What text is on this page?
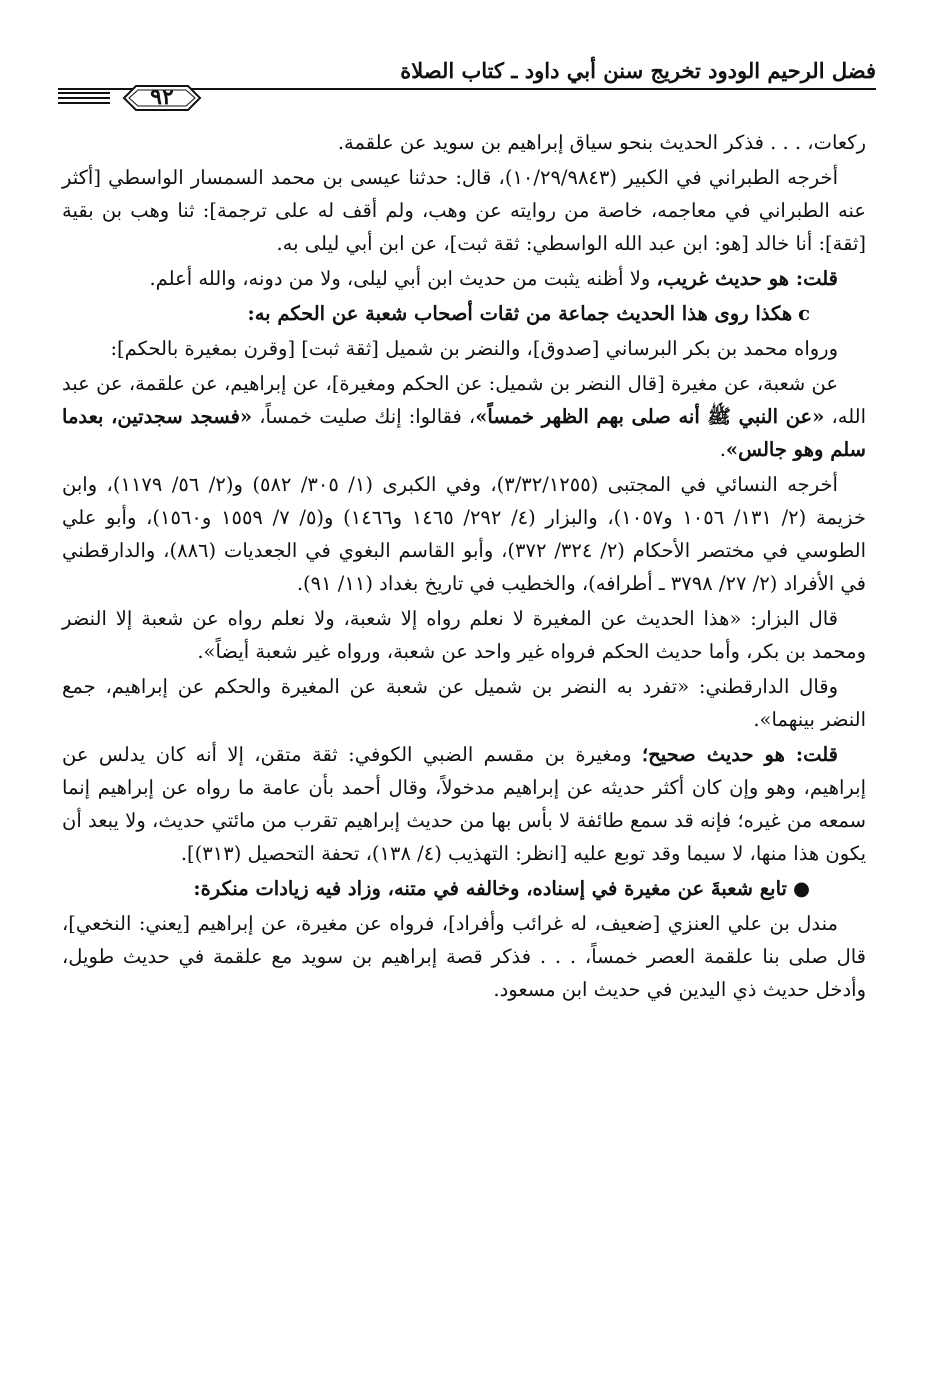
فضل الرحيم الودود تخريج سنن أبي داود ـ كتاب الصلاة
٩٢

ركعات، . . . فذكر الحديث بنحو سياق إبراهيم بن سويد عن علقمة.

أخرجه الطبراني في الكبير (١٠/٢٩/٩٨٤٣)، قال: حدثنا عيسى بن محمد السمسار الواسطي [أكثر عنه الطبراني في معاجمه، خاصة من روايته عن وهب، ولم أقف له على ترجمة]: ثنا وهب بن بقية [ثقة]: أنا خالد [هو: ابن عبد الله الواسطي: ثقة ثبت]، عن ابن أبي ليلى به.

قلت: هو حديث غريب، ولا أظنه يثبت من حديث ابن أبي ليلى، ولا من دونه، والله أعلم.

cهكذا روى هذا الحديث جماعة من ثقات أصحاب شعبة عن الحكم به:

ورواه محمد بن بكر البرساني [صدوق]، والنضر بن شميل [ثقة ثبت] [وقرن بمغيرة بالحكم]:

عن شعبة، عن مغيرة [قال النضر بن شميل: عن الحكم ومغيرة]، عن إبراهيم، عن علقمة، عن عبد الله، «عن النبي ﷺ أنه صلى بهم الظهر خمساً»، فقالوا: إنك صليت خمساً، «فسجد سجدتين، بعدما سلم وهو جالس».

أخرجه النسائي في المجتبى (٣/٣٢/١٢٥٥)، وفي الكبرى (١/ ٣٠٥/ ٥٨٢) و(٢/ ٥٦/ ١١٧٩)، وابن خزيمة (٢/ ١٣١/ ١٠٥٦ و١٠٥٧)، والبزار (٤/ ٢٩٢/ ١٤٦٥ و١٤٦٦) و(٥/ ٧/ ١٥٥٩ و١٥٦٠)، وأبو علي الطوسي في مختصر الأحكام (٢/ ٣٢٤/ ٣٧٢)، وأبو القاسم البغوي في الجعديات (٨٨٦)، والدارقطني في الأفراد (٢/ ٢٧/ ٣٧٩٨ ـ أطرافه)، والخطيب في تاريخ بغداد (١١/ ٩١).

قال البزار: «هذا الحديث عن المغيرة لا نعلم رواه إلا شعبة، ولا نعلم رواه عن شعبة إلا النضر ومحمد بن بكر، وأما حديث الحكم فرواه غير واحد عن شعبة، ورواه غير شعبة أيضاً».

وقال الدارقطني: «تفرد به النضر بن شميل عن شعبة عن المغيرة والحكم عن إبراهيم، جمع النضر بينهما».

قلت: هو حديث صحيح؛ ومغيرة بن مقسم الضبي الكوفي: ثقة متقن، إلا أنه كان يدلس عن إبراهيم، وهو وإن كان أكثر حديثه عن إبراهيم مدخولاً، وقال أحمد بأن عامة ما رواه عن إبراهيم إنما سمعه من غيره؛ فإنه قد سمع طائفة لا بأس بها من حديث إبراهيم تقرب من مائتي حديث، ولا يبعد أن يكون هذا منها، لا سيما وقد توبع عليه [انظر: التهذيب (٤/ ١٣٨)، تحفة التحصيل (٣١٣)].

●تابع شعبةَ عن مغيرة في إسناده، وخالفه في متنه، وزاد فيه زيادات منكرة:

مندل بن علي العنزي [ضعيف، له غرائب وأفراد]، فرواه عن مغيرة، عن إبراهيم [يعني: النخعي]، قال صلى بنا علقمة العصر خمساً، . . . فذكر قصة إبراهيم بن سويد مع علقمة في حديث طويل، وأدخل حديث ذي اليدين في حديث ابن مسعود.
